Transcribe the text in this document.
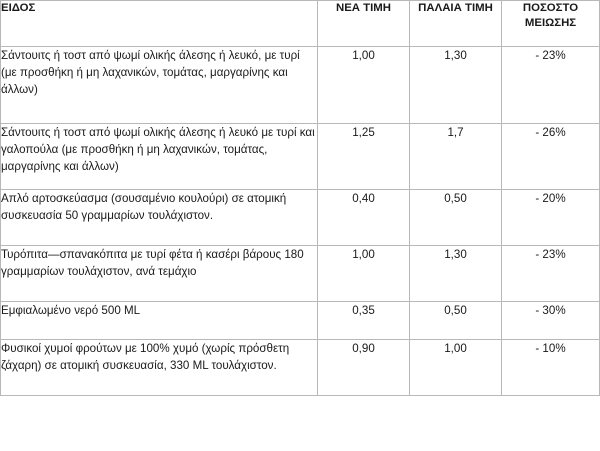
ΕΙΔΟΣ	ΝΕΑ ΤΙΜΗ	ΠΑΛΑΙΑ ΤΙΜΗ	ΠΟΣΟΣΤΟ ΜΕΙΩΣΗΣ
Σάντουιτς ή τοστ από ψωμί ολικής άλεσης ή λευκό, με τυρί (με προσθήκη ή μη λαχανικών, τομάτας, μαργαρίνης και άλλων)	1,00	1,30	- 23%
Σάντουιτς ή τοστ από ψωμί ολικής άλεσης ή λευκό με τυρί και γαλοπούλα (με προσθήκη ή μη λαχανικών, τομάτας, μαργαρίνης και άλλων)	1,25	1,7	- 26%
Απλό αρτοσκεύασμα (σουσαμένιο κουλούρι) σε ατομική συσκευασία 50 γραμμαρίων τουλάχιστον.	0,40	0,50	- 20%
Τυρόπιτα—σπανακόπιτα με τυρί φέτα ή κασέρι βάρους 180 γραμμαρίων τουλάχιστον, ανά τεμάχιο	1,00	1,30	- 23%
Εμφιαλωμένο νερό 500 ML	0,35	0,50	- 30%
Φυσικοί χυμοί φρούτων με 100% χυμό (χωρίς πρόσθετη ζάχαρη) σε ατομική συσκευασία, 330 ML τουλάχιστον.	0,90	1,00	- 10%
